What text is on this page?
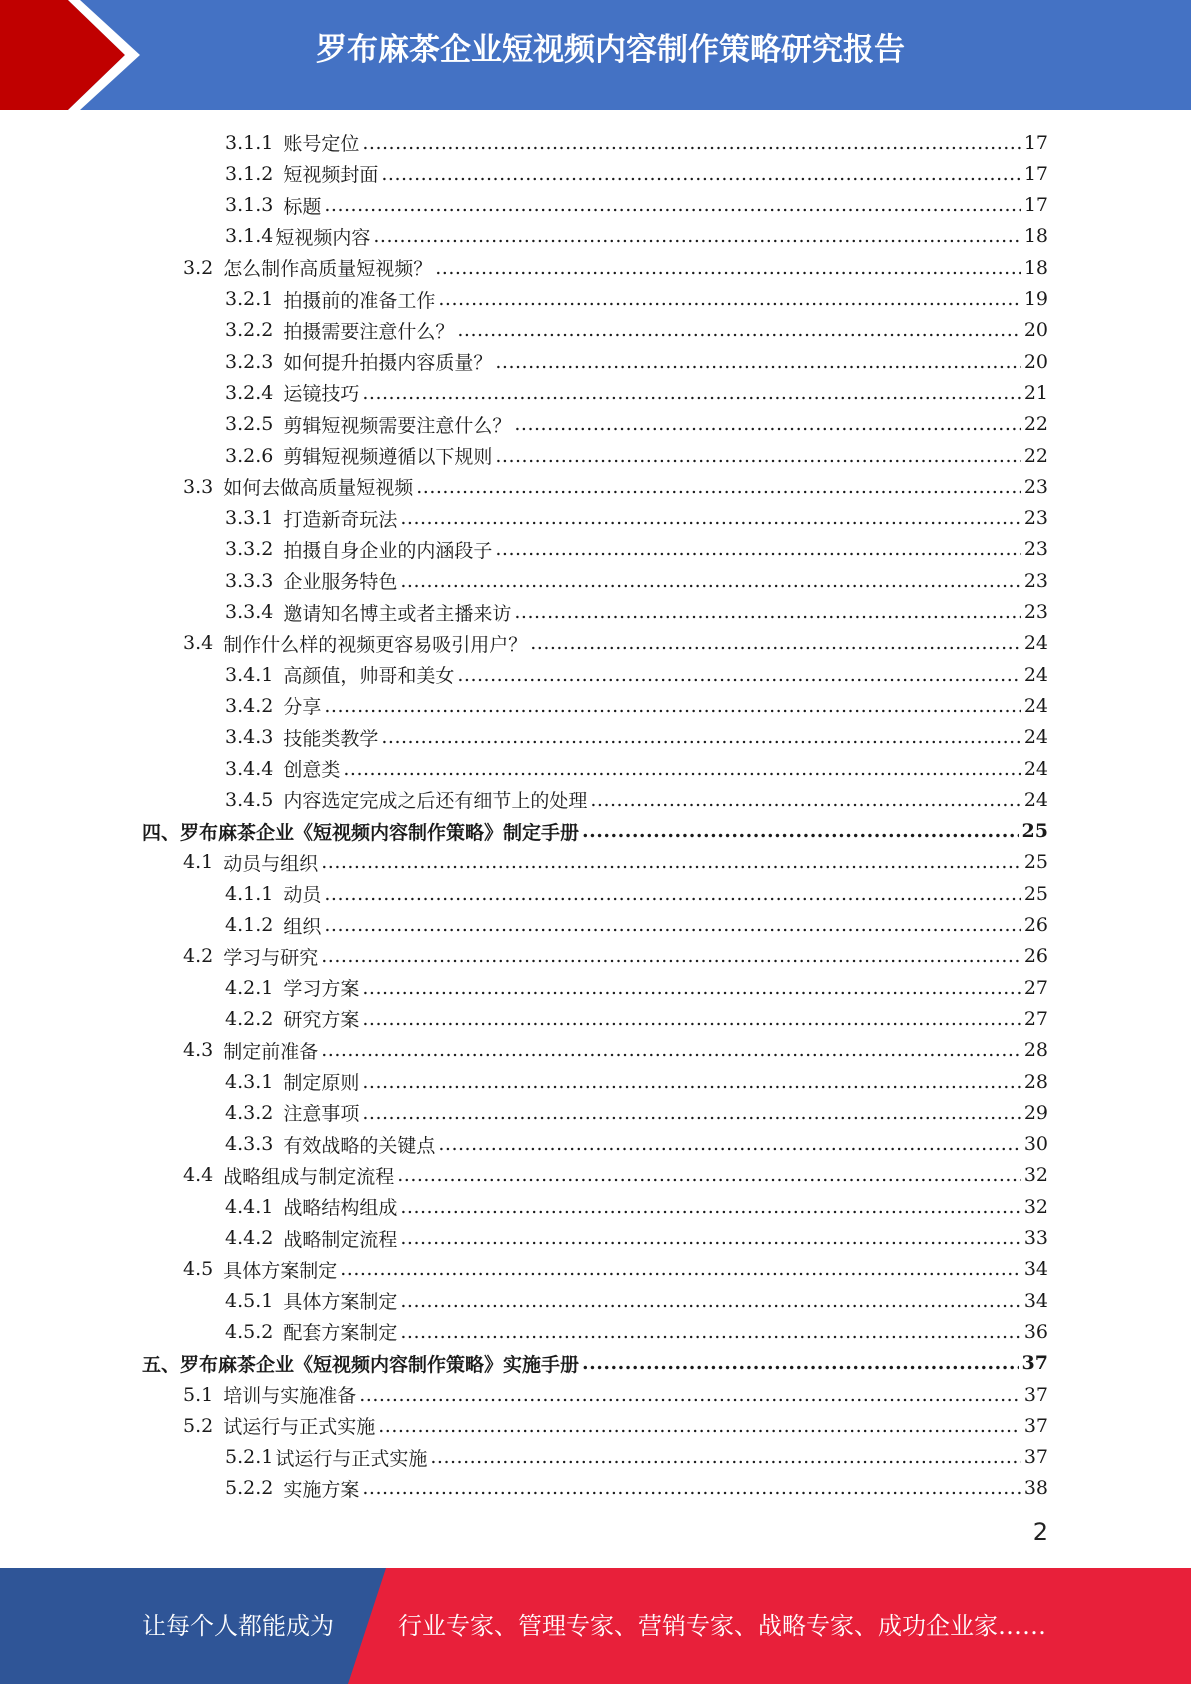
罗布麻茶企业短视频内容制作策略研究报告
3.1.1 账号定位 .....	17
3.1.2 短视频封面 .....	17
3.1.3 标题 .....	17
3.1.4 短视频内容 .....	18
3.2 怎么制作高质量短视频？ .....	18
3.2.1 拍摄前的准备工作 .....	19
3.2.2 拍摄需要注意什么？ .....	20
3.2.3 如何提升拍摄内容质量？ .....	20
3.2.4 运镜技巧 .....	21
3.2.5 剪辑短视频需要注意什么？ .....	22
3.2.6 剪辑短视频遵循以下规则 .....	22
3.3 如何去做高质量短视频 .....	23
3.3.1 打造新奇玩法 .....	23
3.3.2 拍摄自身企业的内涵段子 .....	23
3.3.3 企业服务特色 .....	23
3.3.4 邀请知名博主或者主播来访 .....	23
3.4 制作什么样的视频更容易吸引用户？ .....	24
3.4.1 高颜值，帅哥和美女 .....	24
3.4.2 分享 .....	24
3.4.3 技能类教学 .....	24
3.4.4 创意类 .....	24
3.4.5 内容选定完成之后还有细节上的处理 .....	24
四、罗布麻茶企业《短视频内容制作策略》制定手册 .....	25
4.1 动员与组织 .....	25
4.1.1 动员 .....	25
4.1.2 组织 .....	26
4.2 学习与研究 .....	26
4.2.1 学习方案 .....	27
4.2.2 研究方案 .....	27
4.3 制定前准备 .....	28
4.3.1 制定原则 .....	28
4.3.2 注意事项 .....	29
4.3.3 有效战略的关键点 .....	30
4.4 战略组成与制定流程 .....	32
4.4.1 战略结构组成 .....	32
4.4.2 战略制定流程 .....	33
4.5 具体方案制定 .....	34
4.5.1 具体方案制定 .....	34
4.5.2 配套方案制定 .....	36
五、罗布麻茶企业《短视频内容制作策略》实施手册 .....	37
5.1 培训与实施准备 .....	37
5.2 试运行与正式实施 .....	37
5.2.1 试运行与正式实施 .....	37
5.2.2 实施方案 .....	38
2
让每个人都能成为	行业专家、管理专家、营销专家、战略专家、成功企业家……
